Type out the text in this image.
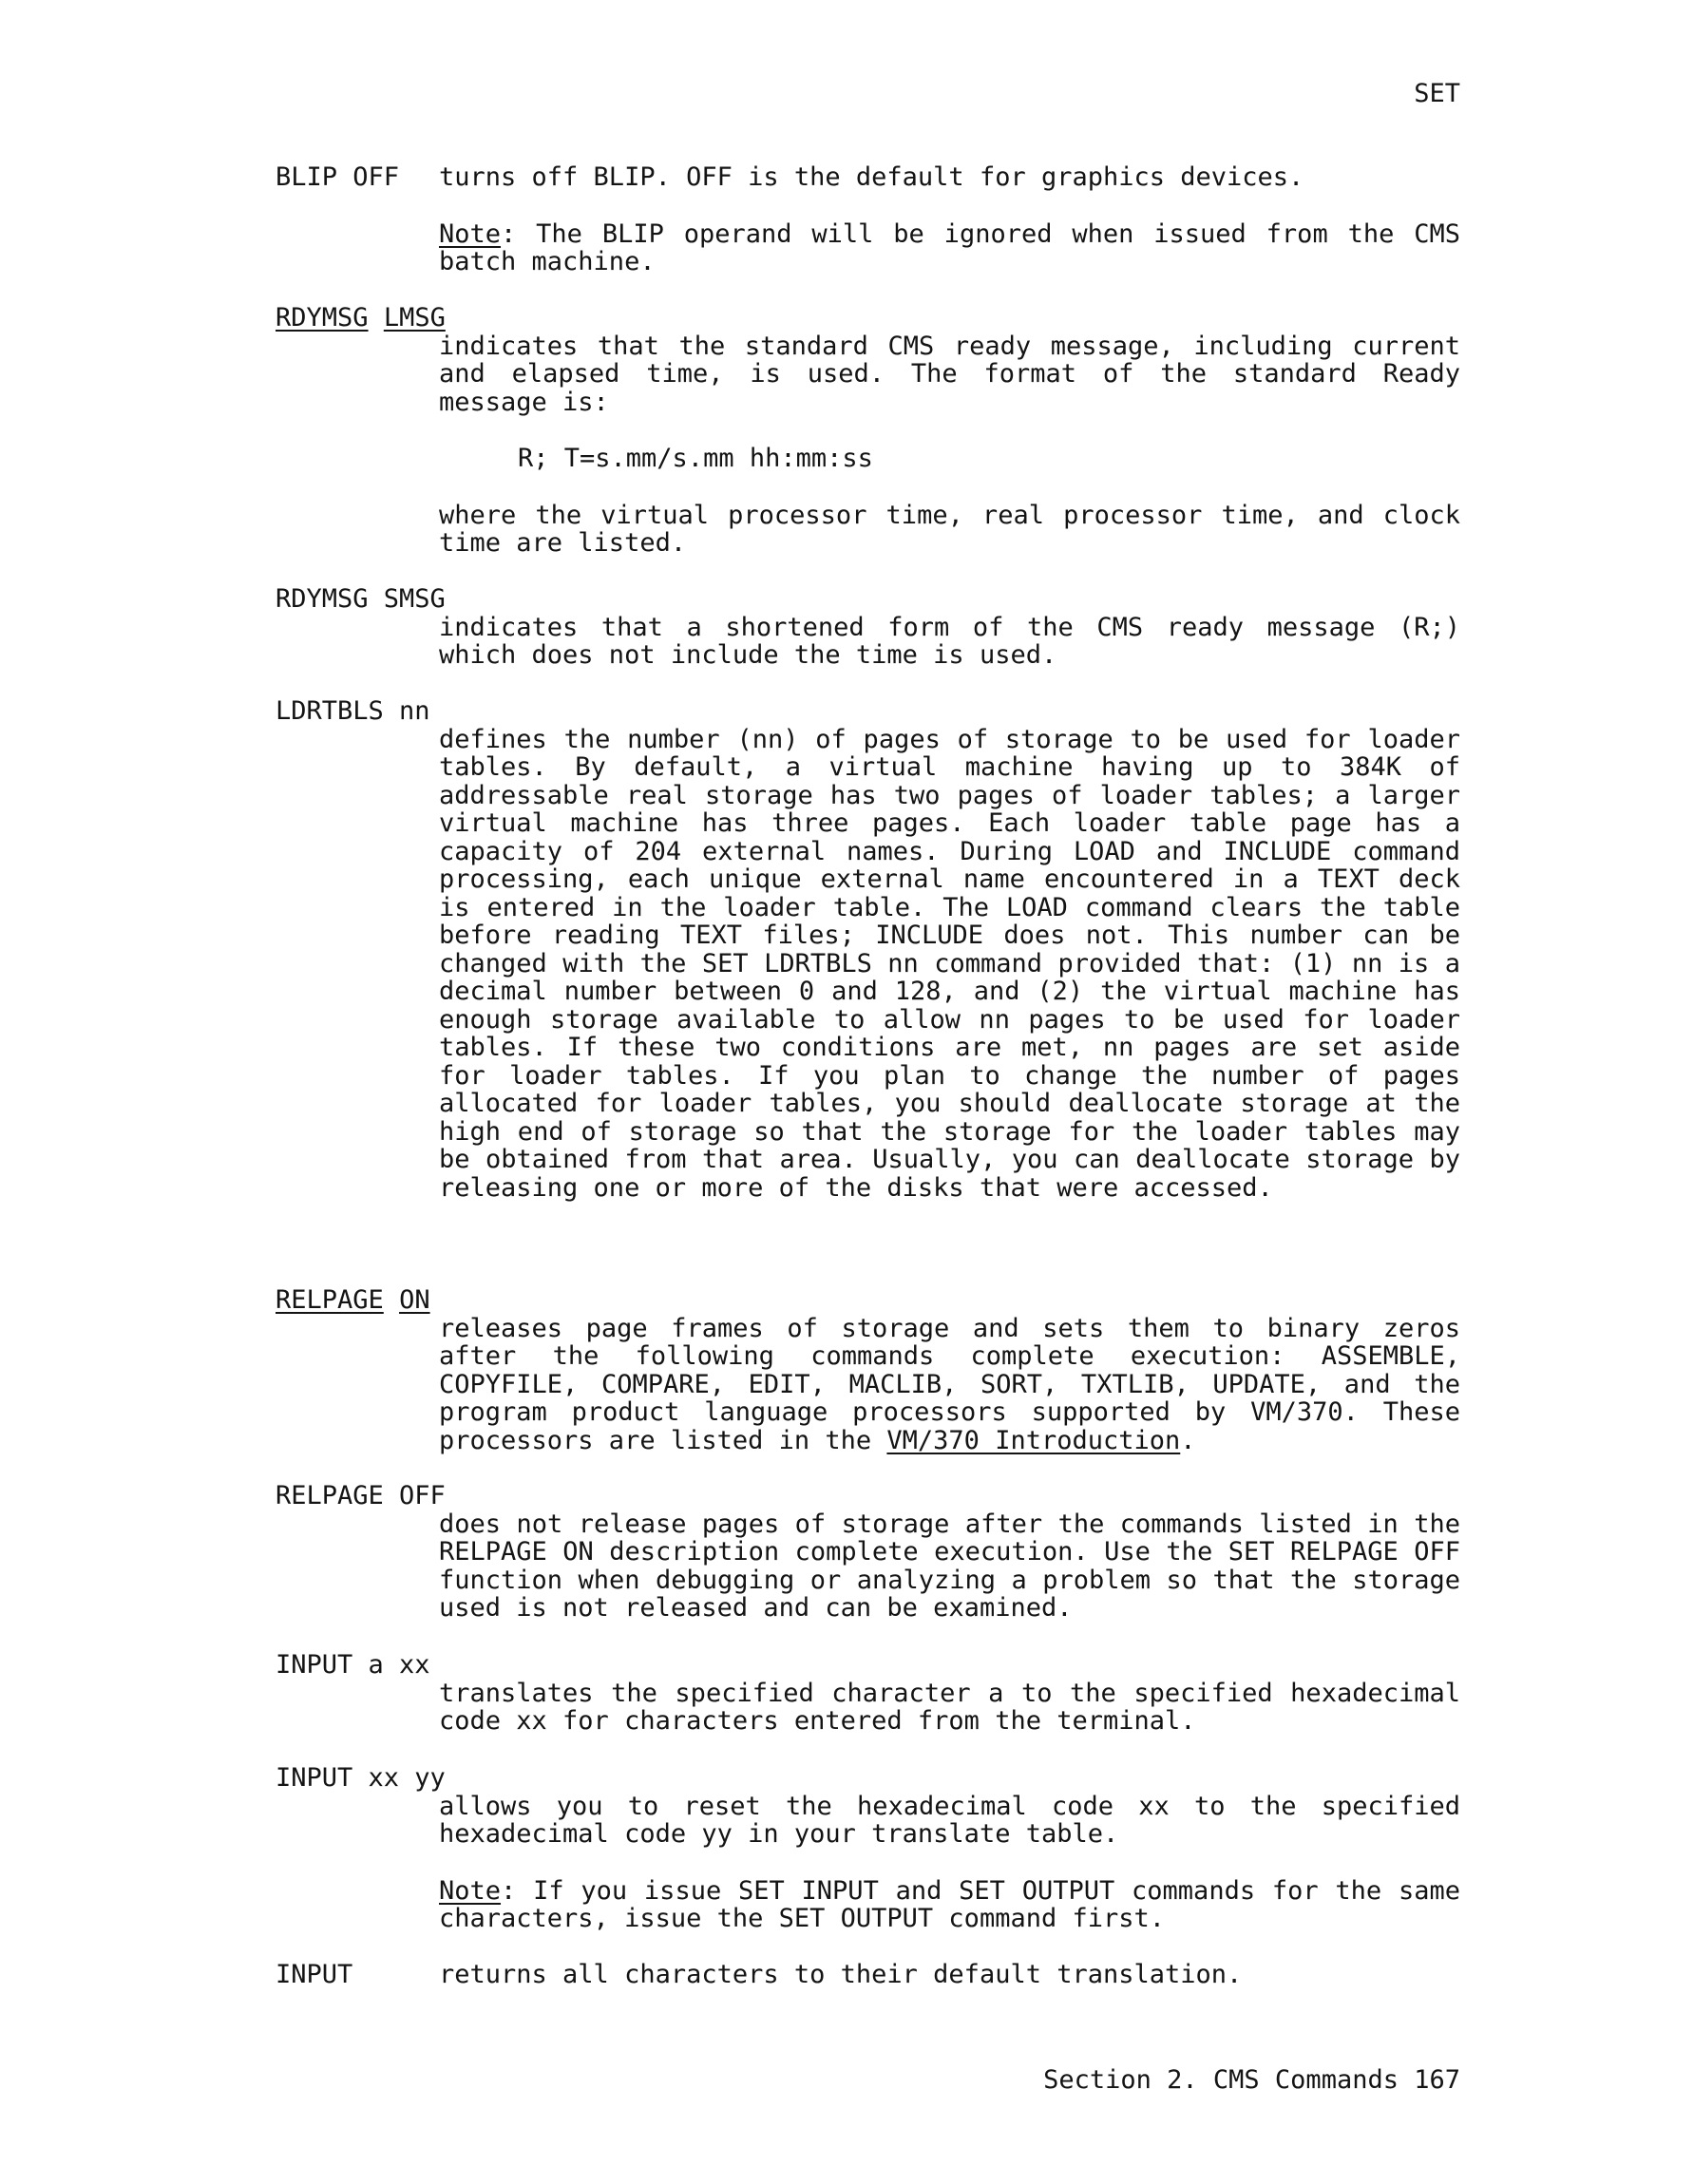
SET

BLIP OFF	turns off BLIP. OFF is the default for graphics devices.

Note: The BLIP operand will be ignored when issued from the CMS batch machine.

RDYMSG LMSG

indicates that the standard CMS ready message, including current and elapsed time, is used. The format of the standard Ready message is:

R; T=s.mm/s.mm hh:mm:ss

where the virtual processor time, real processor time, and clock time are listed.

RDYMSG SMSG

indicates that a shortened form of the CMS ready message (R;) which does not include the time is used.

LDRTBLS nn

defines the number (nn) of pages of storage to be used for loader tables. By default, a virtual machine having up to 384K of addressable real storage has two pages of loader tables; a larger virtual machine has three pages. Each loader table page has a capacity of 204 external names. During LOAD and INCLUDE command processing, each unique external name encountered in a TEXT deck is entered in the loader table. The LOAD command clears the table before reading TEXT files; INCLUDE does not. This number can be changed with the SET LDRTBLS nn command provided that: (1) nn is a decimal number between 0 and 128, and (2) the virtual machine has enough storage available to allow nn pages to be used for loader tables. If these two conditions are met, nn pages are set aside for loader tables. If you plan to change the number of pages allocated for loader tables, you should deallocate storage at the high end of storage so that the storage for the loader tables may be obtained from that area. Usually, you can deallocate storage by releasing one or more of the disks that were accessed.

RELPAGE ON

releases page frames of storage and sets them to binary zeros after the following commands complete execution: ASSEMBLE, COPYFILE, COMPARE, EDIT, MACLIB, SORT, TXTLIB, UPDATE, and the program product language processors supported by VM/370. These processors are listed in the VM/370 Introduction.

RELPAGE OFF

does not release pages of storage after the commands listed in the RELPAGE ON description complete execution. Use the SET RELPAGE OFF function when debugging or analyzing a problem so that the storage used is not released and can be examined.

INPUT a xx

translates the specified character a to the specified hexadecimal code xx for characters entered from the terminal.

INPUT xx yy

allows you to reset the hexadecimal code xx to the specified hexadecimal code yy in your translate table.

Note: If you issue SET INPUT and SET OUTPUT commands for the same characters, issue the SET OUTPUT command first.

INPUT	returns all characters to their default translation.

Section 2. CMS Commands 167
